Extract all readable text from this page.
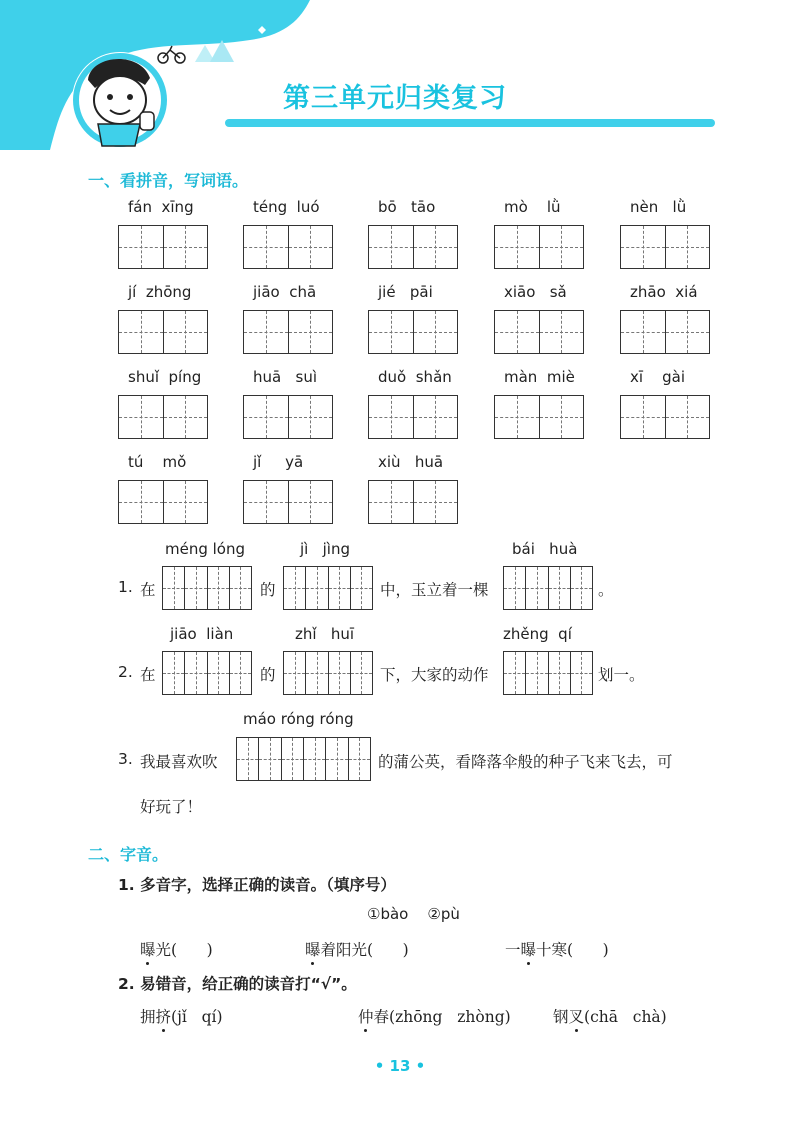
第三单元归类复习
一、看拼音，写词语。
fán  xīng	téng  luó	bō   tāo	mò    lǜ	nèn   lǜ
jí  zhōng	jiāo  chā	jié   pāi	xiāo   sǎ	zhāo  xiá
shuǐ  píng	huā   suì	duǒ  shǎn	màn  miè	xī    gài
tú    mǒ	jǐ     yā	xiù   huā
méng lóng	jì   jìng	bái   huà
1. 在	的	中，玉立着一棵	。
jiāo  liàn	zhǐ   huī	zhěng  qí
2. 在	的	下，大家的动作	划一。
máo róng róng
3. 我最喜欢吹	的蒲公英，看降落伞般的种子飞来飞去，可
好玩了！
二、字音。
1. 多音字，选择正确的读音。（填序号）
①bào    ②pù
曝光(      )	曝着阳光(      )	一曝十寒(      )
2. 易错音，给正确的读音打“√”。
拥挤(jǐ   qí)	仲春(zhōng   zhòng)	钢叉(chā   chà)
• 13 •
